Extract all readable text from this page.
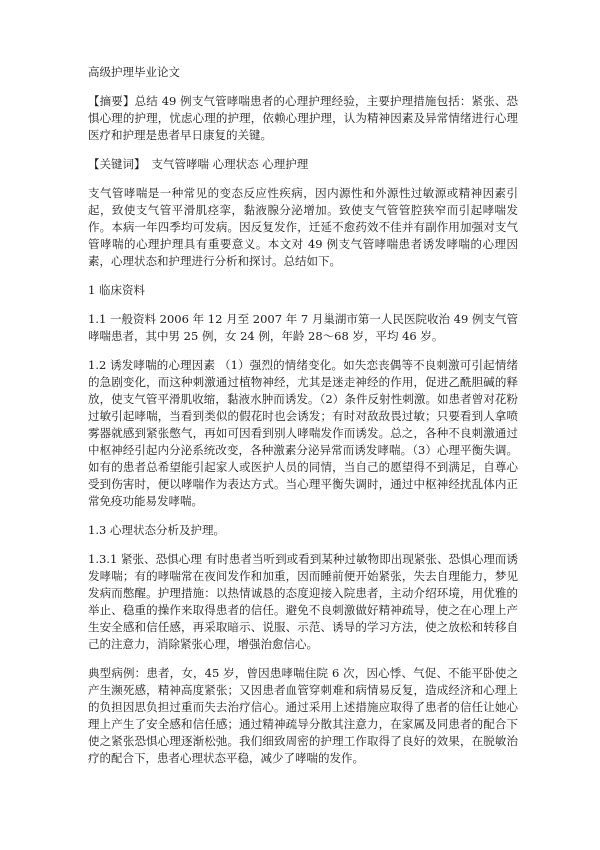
高级护理毕业论文

【摘要】总结 49 例支气管哮喘患者的心理护理经验，主要护理措施包括：紧张、恐惧心理的护理，忧虑心理的护理，依赖心理护理，认为精神因素及异常情绪进行心理医疗和护理是患者早日康复的关键。

【关键词】 支气管哮喘 心理状态 心理护理

支气管哮喘是一种常见的变态反应性疾病，因内源性和外源性过敏源或精神因素引起，致使支气管平滑肌痉挛，黏液腺分泌增加。致使支气管管腔狭窄而引起哮喘发作。本病一年四季均可发病。因反复发作，迁延不愈药效不佳并有副作用加强对支气管哮喘的心理护理具有重要意义。本文对 49 例支气管哮喘患者诱发哮喘的心理因素，心理状态和护理进行分析和探讨。总结如下。

1 临床资料

1.1 一般资料 2006 年 12 月至 2007 年 7 月巢湖市第一人民医院收治 49 例支气管哮喘患者，其中男 25 例，女 24 例，年龄 28～68 岁，平均 46 岁。

1.2 诱发哮喘的心理因素 （1）强烈的情绪变化。如失恋丧偶等不良刺激可引起情绪的急剧变化，而这种刺激通过植物神经，尤其是迷走神经的作用，促进乙酰胆碱的释放，使支气管平滑肌收缩，黏液水肿而诱发。（2）条件反射性刺激。如患者曾对花粉过敏引起哮喘，当看到类似的假花时也会诱发；有时对敌敌畏过敏；只要看到人拿喷雾器就感到紧张憋气，再如可因看到别人哮喘发作而诱发。总之，各种不良刺激通过中枢神经引起内分泌系统改变，各种激素分泌异常而诱发哮喘。（3）心理平衡失调。如有的患者总希望能引起家人或医护人员的同情，当自己的愿望得不到满足，自尊心受到伤害时，便以哮喘作为表达方式。当心理平衡失调时，通过中枢神经扰乱体内正常免疫功能易发哮喘。

1.3 心理状态分析及护理。

1.3.1 紧张、恐惧心理 有时患者当听到或看到某种过敏物即出现紧张、恐惧心理而诱发哮喘；有的哮喘常在夜间发作和加重，因而睡前便开始紧张，失去自理能力，梦见发病而憋醒。护理措施：以热情诚恳的态度迎接入院患者，主动介绍环境，用优雅的举止、稳重的操作来取得患者的信任。避免不良刺激做好精神疏导，使之在心理上产生安全感和信任感，再采取暗示、说服、示范、诱导的学习方法，使之放松和转移自己的注意力，消除紧张心理，增强治愈信心。

典型病例：患者，女，45 岁，曾因患哮喘住院 6 次，因心悸、气促、不能平卧使之产生濒死感，精神高度紧张；又因患者血管穿刺难和病情易反复，造成经济和心理上的负担因思负担过重而失去治疗信心。通过采用上述措施应取得了患者的信任让她心理上产生了安全感和信任感；通过精神疏导分散其注意力，在家属及同患者的配合下使之紧张恐惧心理逐渐松弛。我们细致周密的护理工作取得了良好的效果，在脱敏治疗的配合下，患者心理状态平稳，减少了哮喘的发作。
